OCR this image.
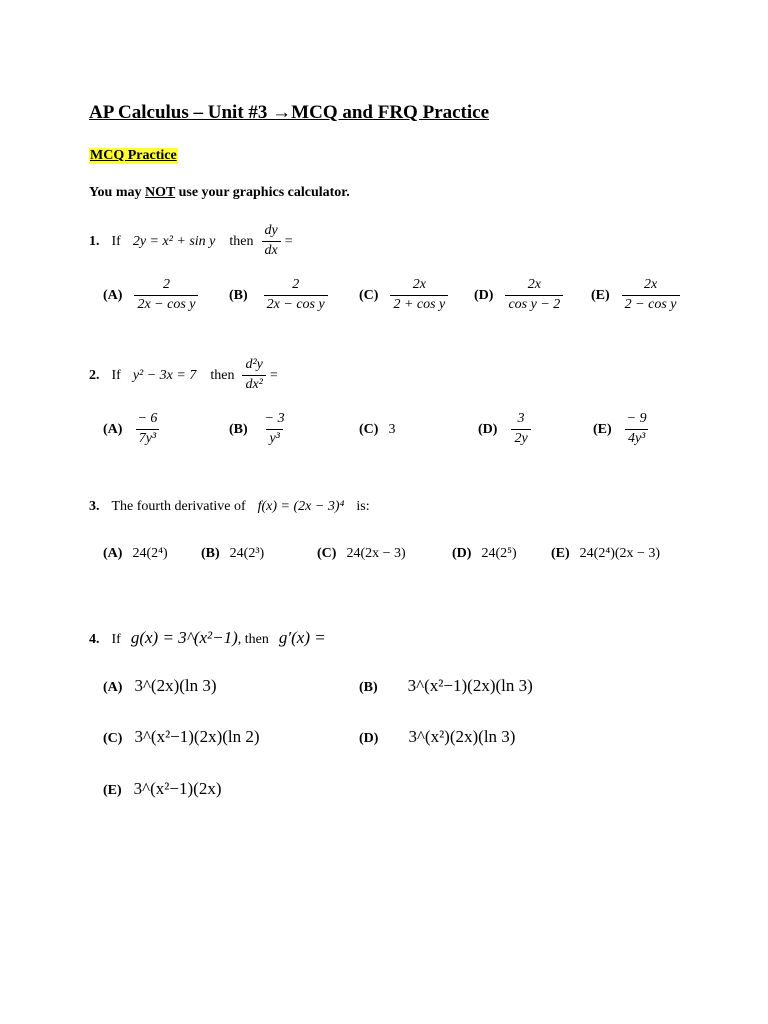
AP Calculus – Unit #3 →MCQ and FRQ Practice
MCQ Practice
You may NOT use your graphics calculator.
1. If 2y = x² + sin y then $\frac{dy}{dx}$ =
$(A) \frac{2}{\text{2x − cos y}} (B) \frac{2}{\text{2x − cos y}} (C) \frac{2x}{\text{2 + cos y}} (D) \frac{2x}{\text{cos y − 2}} (E) \frac{2x}{\text{2 − cos y}}$
2. If y² − 3x = 7 then $\frac{\text{d²y}}{\text{dx²}}$ =
$(A) \frac{- 6}{\text{7y³}}$	$(B) \frac{- 3}{\text{y³}}$	(C) 3	$(D) \frac{3}{2y}$	$(E) \frac{- 9}{\text{4y³}}$
3. The fourth derivative of f(x) = (2x − 3)⁴ is:
(A) 24(2⁴) (B) 24(2³)	(C) 24(2x − 3)	(D) 24(2⁵) (E) 24(2⁴)(2x − 3)
4. If g(x) = 3^(x²−1), then g′(x) =
(A) 3^(2x)(ln 3)	(B) 3^(x²−1)(2x)(ln 3)
(C) 3^(x²−1)(2x)(ln 2)	(D) 3^(x²)(2x)(ln 3)
(E) 3^(x²−1)(2x)
